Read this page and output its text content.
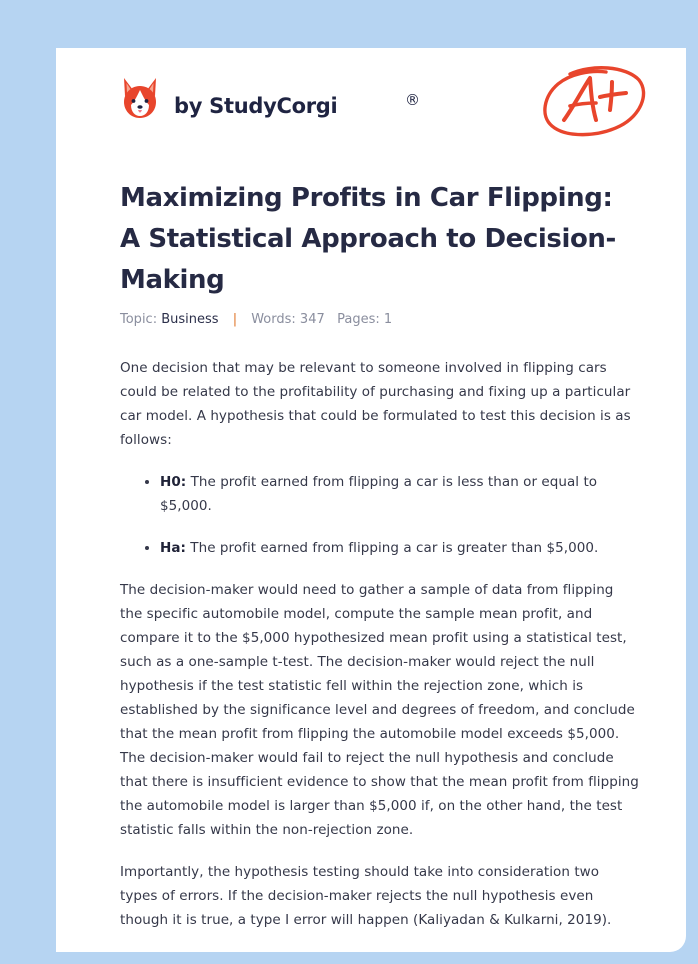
by StudyCorgi	®
Maximizing Profits in Car Flipping: A Statistical Approach to Decision-Making
Topic: Business | Words: 347 Pages: 1

One decision that may be relevant to someone involved in flipping cars could be related to the profitability of purchasing and fixing up a particular car model. A hypothesis that could be formulated to test this decision is as follows:

• H0: The profit earned from flipping a car is less than or equal to $5,000.
• Ha: The profit earned from flipping a car is greater than $5,000.

The decision-maker would need to gather a sample of data from flipping the specific automobile model, compute the sample mean profit, and compare it to the $5,000 hypothesized mean profit using a statistical test, such as a one-sample t-test. The decision-maker would reject the null hypothesis if the test statistic fell within the rejection zone, which is established by the significance level and degrees of freedom, and conclude that the mean profit from flipping the automobile model exceeds $5,000. The decision-maker would fail to reject the null hypothesis and conclude that there is insufficient evidence to show that the mean profit from flipping the automobile model is larger than $5,000 if, on the other hand, the test statistic falls within the non-rejection zone.

Importantly, the hypothesis testing should take into consideration two types of errors. If the decision-maker rejects the null hypothesis even though it is true, a type I error will happen (Kaliyadan & Kulkarni, 2019).
